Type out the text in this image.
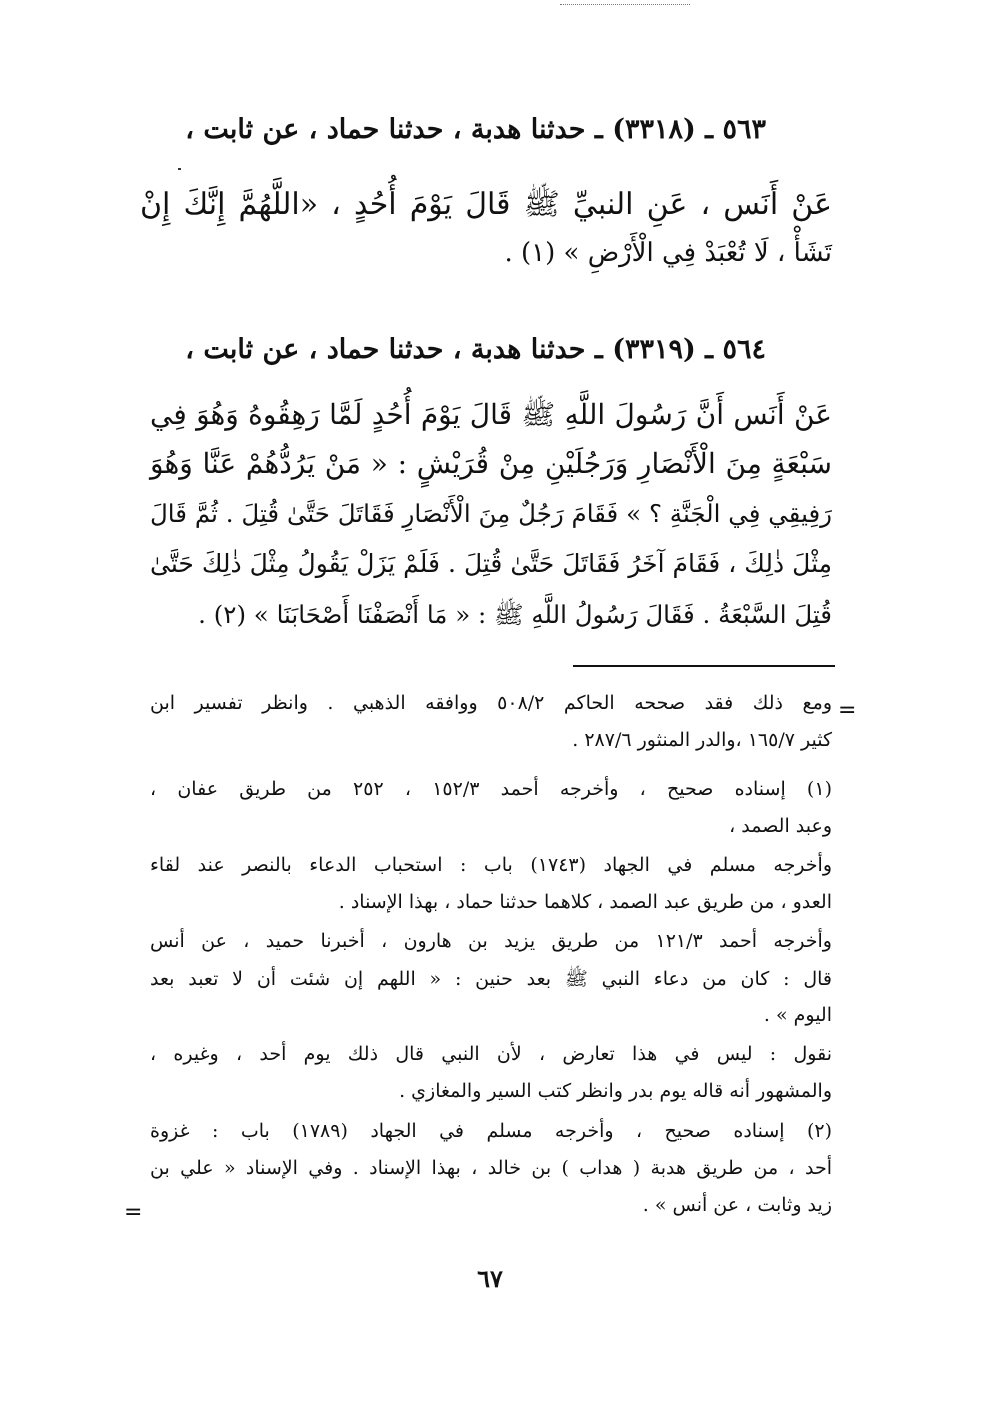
٥٦٣ ـ (٣٣١٨) ـ حدثنا هدبة ، حدثنا حماد ، عن ثابت ،
عَنْ أَنَس ، عَنِ النبيِّ ﷺ قَالَ يَوْمَ أُحُدٍ ، «اللَّهُمَّ إِنَّكَ إِنْ
تَشَأْ ، لَا تُعْبَدْ فِي الْأَرْضِ » (١) .
٥٦٤ ـ (٣٣١٩) ـ حدثنا هدبة ، حدثنا حماد ، عن ثابت ،
عَنْ أَنَس أَنَّ رَسُولَ اللَّهِ ﷺ قَالَ يَوْمَ أُحُدٍ لَمَّا رَهِقُوهُ وَهُوَ فِي
سَبْعَةٍ مِنَ الْأَنْصَارِ وَرَجُلَيْنِ مِنْ قُرَيْشٍ : « مَنْ يَرُدُّهُمْ عَنَّا وَهُوَ
رَفِيقِي فِي الْجَنَّةِ ؟ » فَقَامَ رَجُلٌ مِنَ الْأَنْصَارِ فَقَاتَلَ حَتَّىٰ قُتِلَ . ثُمَّ قَالَ
مِثْلَ ذٰلِكَ ، فَقَامَ آخَرُ فَقَاتَلَ حَتَّىٰ قُتِلَ . فَلَمْ يَزَلْ يَقُولُ مِثْلَ ذٰلِكَ حَتَّىٰ
قُتِلَ السَّبْعَةُ . فَقَالَ رَسُولُ اللَّهِ ﷺ : « مَا أَنْصَفْنَا أَصْحَابَنَا » (٢) .
=
ومع ذلك فقد صححه الحاكم ٥٠٨/٢ ووافقه الذهبي . وانظر تفسير ابن
كثير ١٦٥/٧ ،والدر المنثور ٢٨٧/٦ .
(١) إسناده صحيح ، وأخرجه أحمد ١٥٢/٣ ، ٢٥٢ من طريق عفان ،
وعبد الصمد ،
وأخرجه مسلم في الجهاد (١٧٤٣) باب : استحباب الدعاء بالنصر عند لقاء
العدو ، من طريق عبد الصمد ، كلاهما حدثنا حماد ، بهذا الإسناد .
وأخرجه أحمد ١٢١/٣ من طريق يزيد بن هارون ، أخبرنا حميد ، عن أنس
قال : كان من دعاء النبي ﷺ بعد حنين : « اللهم إن شئت أن لا تعبد بعد
اليوم » .
نقول : ليس في هذا تعارض ، لأن النبي قال ذلك يوم أحد ، وغيره ،
والمشهور أنه قاله يوم بدر وانظر كتب السير والمغازي .
(٢) إسناده صحيح ، وأخرجه مسلم في الجهاد (١٧٨٩) باب : غزوة
أحد ، من طريق هدبة ( هداب ) بن خالد ، بهذا الإسناد . وفي الإسناد « علي بن
زيد وثابت ، عن أنس » .
=
٦٧
